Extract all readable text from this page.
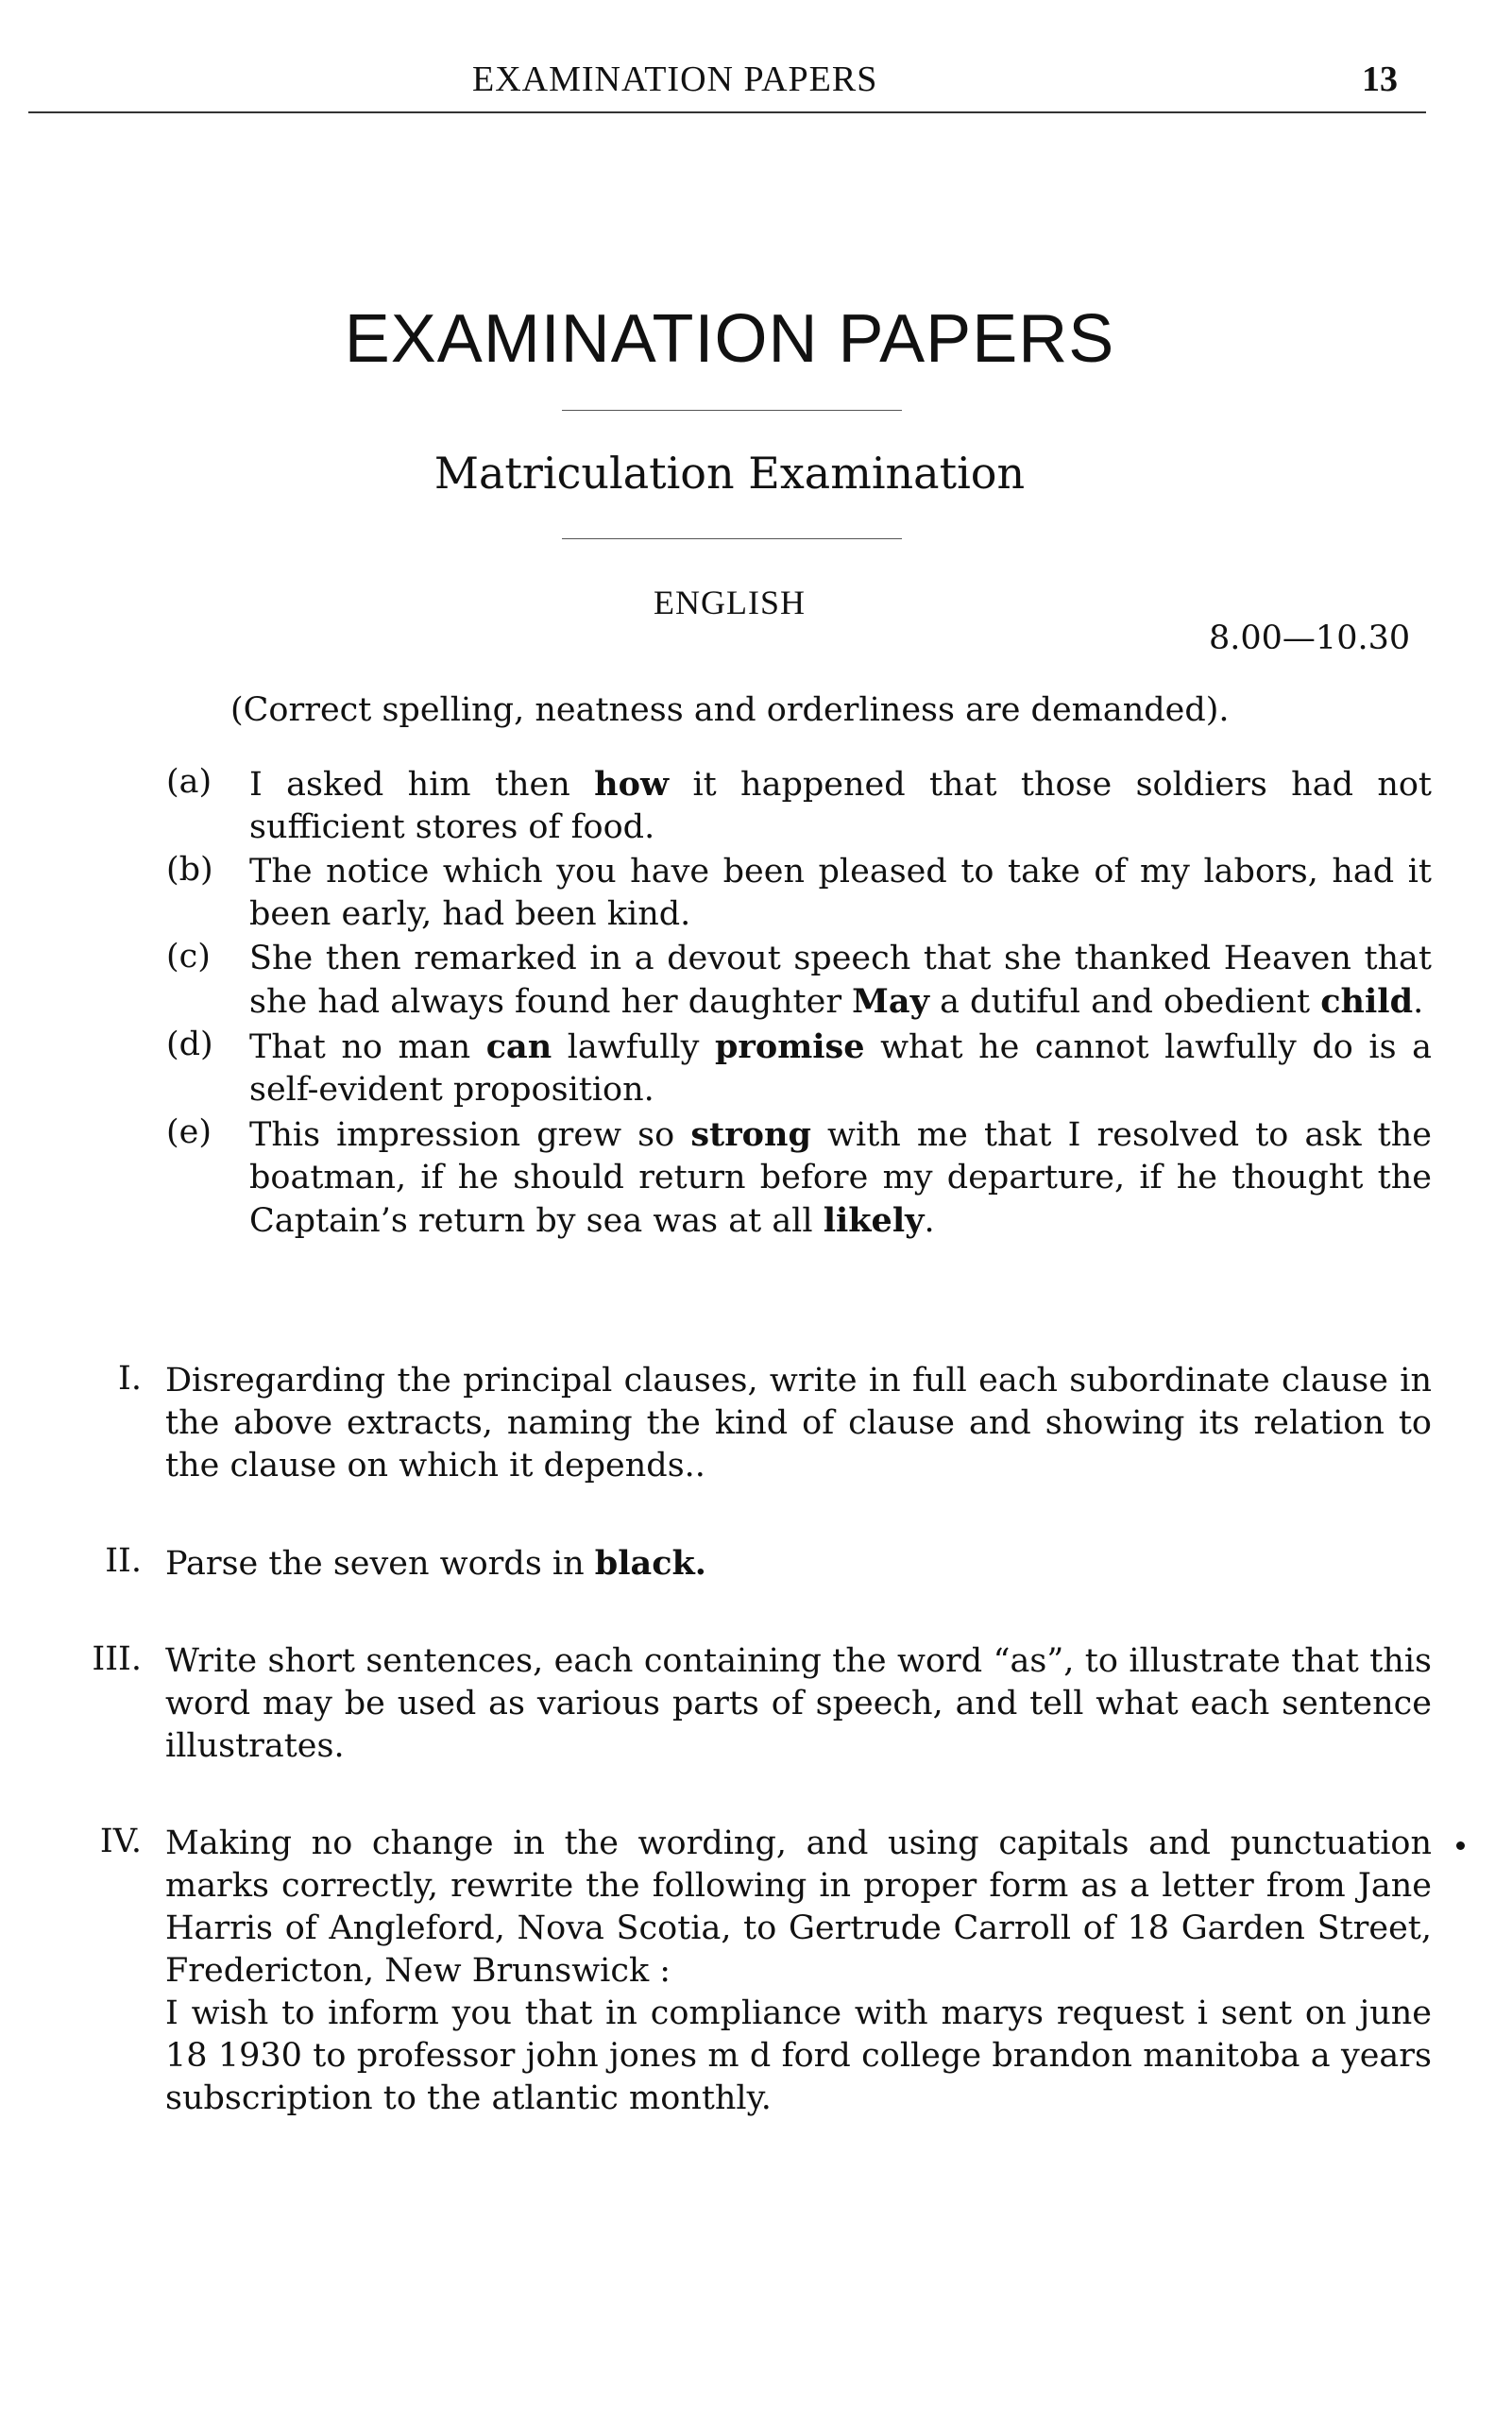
EXAMINATION PAPERS	13
EXAMINATION PAPERS
Matriculation Examination
ENGLISH
8.00—10.30
(Correct spelling, neatness and orderliness are demanded).
(a)	I asked him then how it happened that those soldiers had not sufficient stores of food.
(b)	The notice which you have been pleased to take of my labors, had it been early, had been kind.
(c)	She then remarked in a devout speech that she thanked Heaven that she had always found her daughter May a dutiful and obedient child.
(d)	That no man can lawfully promise what he cannot lawfully do is a self-evident proposition.
(e)	This impression grew so strong with me that I resolved to ask the boatman, if he should return before my departure, if he thought the Captain’s return by sea was at all likely.
I. Disregarding the principal clauses, write in full each subordinate clause in the above extracts, naming the kind of clause and showing its relation to the clause on which it depends..
II. Parse the seven words in black.
III. Write short sentences, each containing the word “as”, to illustrate that this word may be used as various parts of speech, and tell what each sentence illustrates.
IV. Making no change in the wording, and using capitals and punctuation marks correctly, rewrite the following in proper form as a letter from Jane Harris of Angleford, Nova Scotia, to Gertrude Carroll of 18 Garden Street, Fredericton, New Brunswick :
I wish to inform you that in compliance with marys request i sent on june 18 1930 to professor john jones m d ford college brandon manitoba a years subscription to the atlantic monthly.
